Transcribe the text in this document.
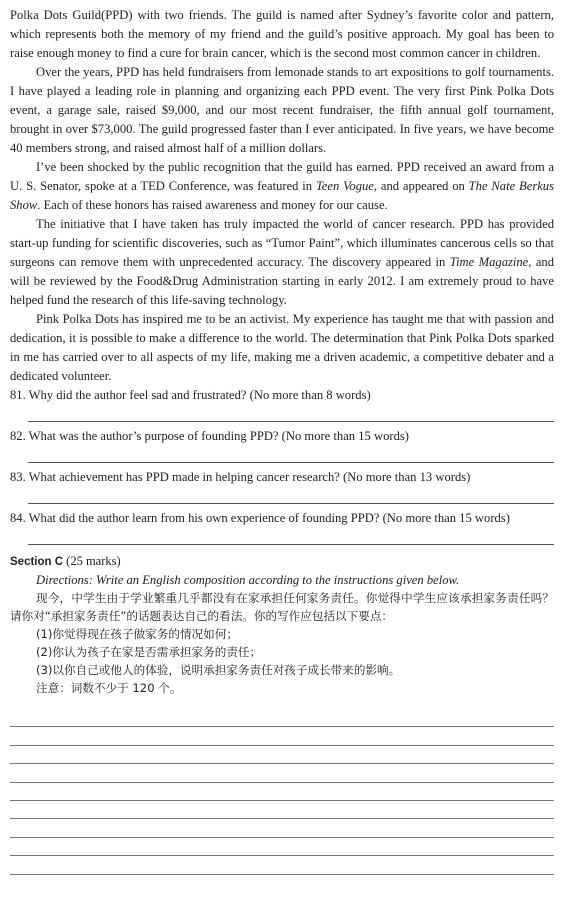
Polka Dots Guild(PPD) with two friends. The guild is named after Sydney’s favorite color and pattern, which represents both the memory of my friend and the guild’s positive approach. My goal has been to raise enough money to find a cure for brain cancer, which is the second most common cancer in children.

Over the years, PPD has held fundraisers from lemonade stands to art expositions to golf tournaments. I have played a leading role in planning and organizing each PPD event. The very first Pink Polka Dots event, a garage sale, raised $9,000, and our most recent fundraiser, the fifth annual golf tournament, brought in over $73,000. The guild progressed faster than I ever anticipated. In five years, we have become 40 members strong, and raised almost half of a million dollars.

I’ve been shocked by the public recognition that the guild has earned. PPD received an award from a U. S. Senator, spoke at a TED Conference, was featured in Teen Vogue, and appeared on The Nate Berkus Show. Each of these honors has raised awareness and money for our cause.

The initiative that I have taken has truly impacted the world of cancer research. PPD has provided start-up funding for scientific discoveries, such as “Tumor Paint”, which illuminates cancerous cells so that surgeons can remove them with unprecedented accuracy. The discovery appeared in Time Magazine, and will be reviewed by the Food&Drug Administration starting in early 2012. I am extremely proud to have helped fund the research of this life-saving technology.

Pink Polka Dots has inspired me to be an activist. My experience has taught me that with passion and dedication, it is possible to make a difference to the world. The determination that Pink Polka Dots sparked in me has carried over to all aspects of my life, making me a driven academic, a competitive debater and a dedicated volunteer.

81. Why did the author feel sad and frustrated? (No more than 8 words)

82. What was the author’s purpose of founding PPD? (No more than 15 words)

83. What achievement has PPD made in helping cancer research? (No more than 13 words)

84. What did the author learn from his own experience of founding PPD? (No more than 15 words)

Section C (25 marks)

Directions: Write an English composition according to the instructions given below.

现今，中学生由于学业繁重几乎都没有在家承担任何家务责任。你觉得中学生应该承担家务责任吗？请你对“承担家务责任”的话题表达自己的看法。你的写作应包括以下要点：

(1)你觉得现在孩子做家务的情况如何；

(2)你认为孩子在家是否需承担家务的责任；

(3)以你自己或他人的体验，说明承担家务责任对孩子成长带来的影响。

注意：词数不少于 120 个。
